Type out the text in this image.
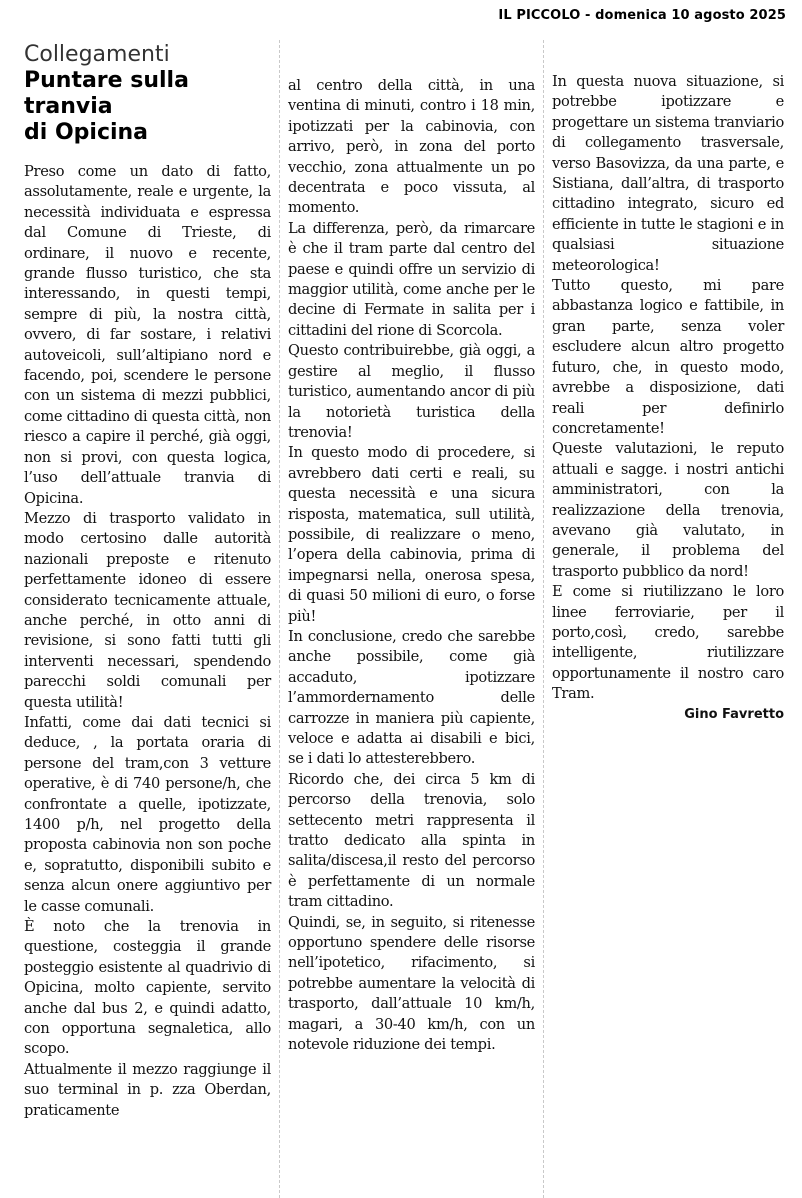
IL PICCOLO - domenica 10 agosto 2025
Collegamenti
Puntare sulla tranvia
di Opicina

Preso come un dato di fatto, assolutamente, reale e urgente, la necessità individuata e espressa dal Comune di Trieste, di ordinare, il nuovo e recente, grande flusso turistico, che sta interessando, in questi tempi, sempre di più, la nostra città, ovvero, di far sostare, i relativi autoveicoli, sull’altipiano nord e facendo, poi, scendere le persone con un sistema di mezzi pubblici, come cittadino di questa città, non riesco a capire il perché, già oggi, non si provi, con questa logica, l’uso dell’attuale tranvia di Opicina.

Mezzo di trasporto validato in modo certosino dalle autorità nazionali preposte e ritenuto perfettamente idoneo di essere considerato tecnicamente attuale, anche perché, in otto anni di revisione, si sono fatti tutti gli interventi necessari, spendendo parecchi soldi comunali per questa utilità!

Infatti, come dai dati tecnici si deduce, , la portata oraria di persone del tram,con 3 vetture operative, è di 740 persone/h, che confrontate a quelle, ipotizzate, 1400 p/h, nel progetto della proposta cabinovia non son poche e, sopratutto, disponibili subito e senza alcun onere aggiuntivo per le casse comunali.

È noto che la trenovia in questione, costeggia il grande posteggio esistente al quadrivio di Opicina, molto capiente, servito anche dal bus 2, e quindi adatto, con opportuna segnaletica, allo scopo.

Attualmente il mezzo raggiunge il suo terminal in p. zza Oberdan, praticamente

al centro della città, in una ventina di minuti, contro i 18 min, ipotizzati per la cabinovia, con arrivo, però, in zona del porto vecchio, zona attualmente un po decentrata e poco vissuta, al momento.

La differenza, però, da rimarcare è che il tram parte dal centro del paese e quindi offre un servizio di maggior utilità, come anche per le decine di Fermate in salita per i cittadini del rione di Scorcola.

Questo contribuirebbe, già oggi, a gestire al meglio, il flusso turistico, aumentando ancor di più la notorietà turistica della trenovia!

In questo modo di procedere, si avrebbero dati certi e reali, su questa necessità e una sicura risposta, matematica, sull utilità, possibile, di realizzare o meno, l’opera della cabinovia, prima di impegnarsi nella, onerosa spesa, di quasi 50 milioni di euro, o forse più!

In conclusione, credo che sarebbe anche possibile, come già accaduto, ipotizzare l’ammordernamento delle carrozze in maniera più capiente, veloce e adatta ai disabili e bici, se i dati lo attesterebbero.

Ricordo che, dei circa 5 km di percorso della trenovia, solo settecento metri rappresenta il tratto dedicato alla spinta in salita/discesa,il resto del percorso è perfettamente di un normale tram cittadino.

Quindi, se, in seguito, si ritenesse opportuno spendere delle risorse nell’ipotetico, rifacimento, si potrebbe aumentare la velocità di trasporto, dall’attuale 10 km/h, magari, a 30-40 km/h, con un notevole riduzione dei tempi.

In questa nuova situazione, si potrebbe ipotizzare e progettare un sistema tranviario di collegamento trasversale, verso Basovizza, da una parte, e Sistiana, dall’altra, di trasporto cittadino integrato, sicuro ed efficiente in tutte le stagioni e in qualsiasi situazione meteorologica!

Tutto questo, mi pare abbastanza logico e fattibile, in gran parte, senza voler escludere alcun altro progetto futuro, che, in questo modo, avrebbe a disposizione, dati reali per definirlo concretamente!

Queste valutazioni, le reputo attuali e sagge. i nostri antichi amministratori, con la realizzazione della trenovia, avevano già valutato, in generale, il problema del trasporto pubblico da nord!

E come si riutilizzano le loro linee ferroviarie, per il porto,così, credo, sarebbe intelligente, riutilizzare opportunamente il nostro caro Tram.

Gino Favretto
